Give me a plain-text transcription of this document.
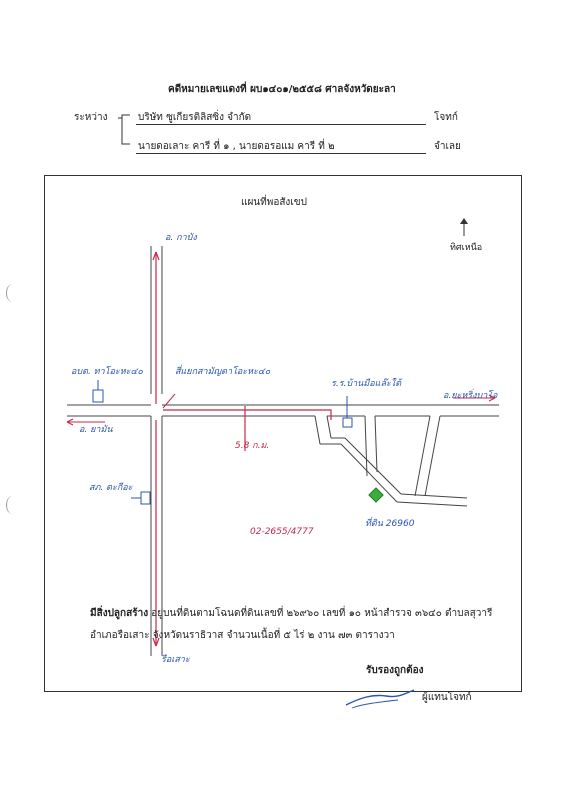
คดีหมายเลขแดงที่ ผบ๑๔๐๑/๒๕๕๘ ศาลจังหวัดยะลา
ระหว่าง	บริษัท ซูเกียรติลิสซิ่ง จำกัด	โจทก์
นายดอเลาะ คารี ที่ ๑ , นายดอรอแม คารี ที่ ๒	จำเลย
แผนที่พอสังเขป
ทิศเหนือ
อ. กาบัง
อบต. ทาโอะหะ๔๐	สี่แยกสามัญดาโอะหะ๔๐
ร.ร.บ้านมือแล๊ะใต้
อ.ยะหริ่งบาโจ
อ. ยามัน
สภ. ตะกีอะ
รือเสาะ
ที่ดิน 26960
5.8 ก.ม.
02-2655/4777
มีสิ่งปลูกสร้าง อยู่บนที่ดินตามโฉนดที่ดินเลขที่ ๒๖๙๖๐ เลขที่ ๑๐ หน้าสำรวจ ๓๖๔๐ ตำบลสุวารี
อำเภอรือเสาะ จังหวัดนราธิวาส จำนวนเนื้อที่ ๕ ไร่ ๒ งาน ๗๓ ตารางวา
รับรองถูกต้อง
ผู้แทนโจทก์
